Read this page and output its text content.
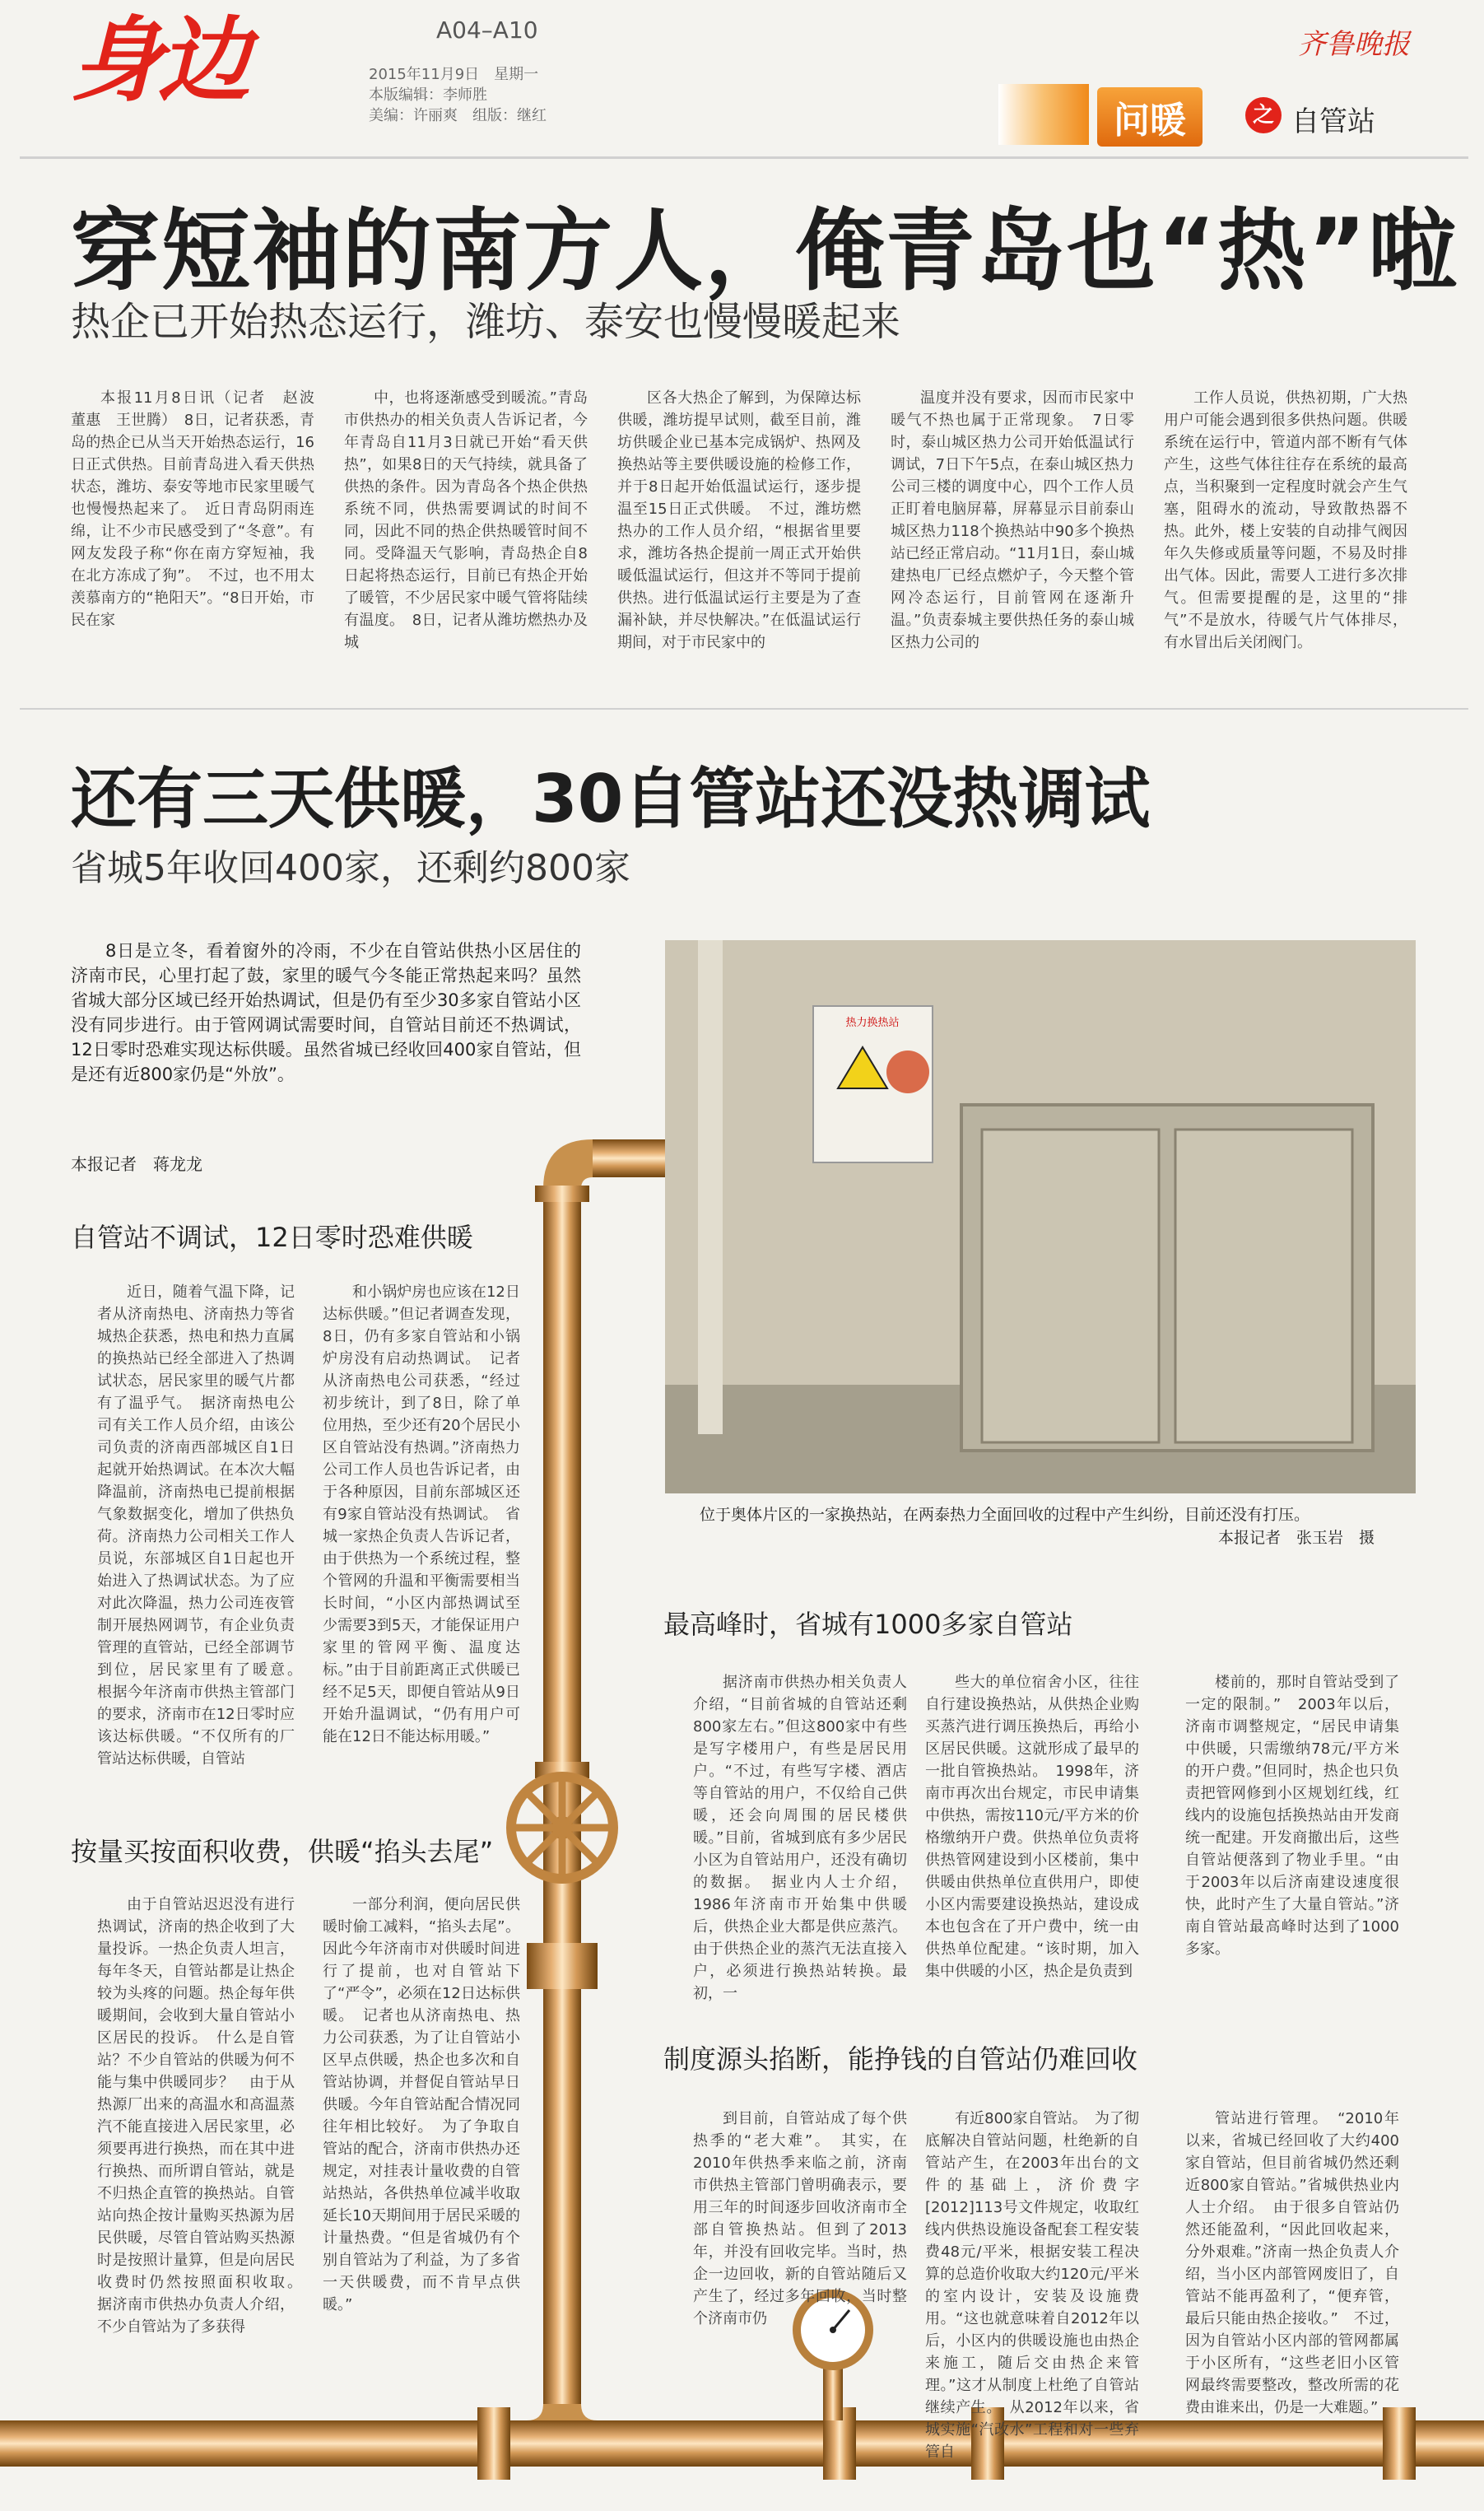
身边	A04–A10
2015年11月9日　星期一
本版编辑：李师胜
美编：许丽爽　组版：继红
齐鲁晚报
问暖	之 自管站
穿短袖的南方人，俺青岛也“热”啦
热企已开始热态运行，潍坊、泰安也慢慢暖起来

本报11月8日讯（记者　赵波　董惠　王世腾）　8日，记者获悉，青岛的热企已从当天开始热态运行，16日正式供热。目前青岛进入看天供热状态，潍坊、泰安等地市民家里暖气也慢慢热起来了。　近日青岛阴雨连绵，让不少市民感受到了“冬意”。有网友发段子称“你在南方穿短袖，我在北方冻成了狗”。　不过，也不用太羡慕南方的“艳阳天”。“8日开始，市民在家

中，也将逐渐感受到暖流。”青岛市供热办的相关负责人告诉记者，今年青岛自11月3日就已开始“看天供热”，如果8日的天气持续，就具备了供热的条件。因为青岛各个热企供热系统不同，供热需要调试的时间不同，因此不同的热企供热暖管时间不同。受降温天气影响，青岛热企自8日起将热态运行，目前已有热企开始了暖管，不少居民家中暖气管将陆续有温度。　8日，记者从潍坊燃热办及城

区各大热企了解到，为保障达标供暖，潍坊提早试则，截至目前，潍坊供暖企业已基本完成锅炉、热网及换热站等主要供暖设施的检修工作，并于8日起开始低温试运行，逐步提温至15日正式供暖。　不过，潍坊燃热办的工作人员介绍，“根据省里要求，潍坊各热企提前一周正式开始供暖低温试运行，但这并不等同于提前供热。进行低温试运行主要是为了查漏补缺，并尽快解决。”在低温试运行期间，对于市民家中的

温度并没有要求，因而市民家中暖气不热也属于正常现象。　7日零时，泰山城区热力公司开始低温试行调试，7日下午5点，在泰山城区热力公司三楼的调度中心，四个工作人员正盯着电脑屏幕，屏幕显示目前泰山城区热力118个换热站中90多个换热站已经正常启动。“11月1日，泰山城建热电厂已经点燃炉子，今天整个管网冷态运行，目前管网在逐渐升温。”负责泰城主要供热任务的泰山城区热力公司的

工作人员说，供热初期，广大热用户可能会遇到很多供热问题。供暖系统在运行中，管道内部不断有气体产生，这些气体往往存在系统的最高点，当积聚到一定程度时就会产生气塞，阻碍水的流动，导致散热器不热。此外，楼上安装的自动排气阀因年久失修或质量等问题，不易及时排出气体。因此，需要人工进行多次排气。但需要提醒的是，这里的“排气”不是放水，待暖气片气体排尽，有水冒出后关闭阀门。

还有三天供暖，30自管站还没热调试
省城5年收回400家，还剩约800家

8日是立冬，看着窗外的冷雨，不少在自管站供热小区居住的济南市民，心里打起了鼓，家里的暖气今冬能正常热起来吗？虽然省城大部分区域已经开始热调试，但是仍有至少30多家自管站小区没有同步进行。由于管网调试需要时间，自管站目前还不热调试，12日零时恐难实现达标供暖。虽然省城已经收回400家自管站，但是还有近800家仍是“外放”。

本报记者　蒋龙龙
自管站不调试，12日零时恐难供暖

近日，随着气温下降，记者从济南热电、济南热力等省城热企获悉，热电和热力直属的换热站已经全部进入了热调试状态，居民家里的暖气片都有了温乎气。　据济南热电公司有关工作人员介绍，由该公司负责的济南西部城区自1日起就开始热调试。在本次大幅降温前，济南热电已提前根据气象数据变化，增加了供热负荷。济南热力公司相关工作人员说，东部城区自1日起也开始进入了热调试状态。为了应对此次降温，热力公司连夜管制开展热网调节，有企业负责管理的直管站，已经全部调节到位，居民家里有了暖意。　根据今年济南市供热主管部门的要求，济南市在12日零时应该达标供暖。“不仅所有的厂管站达标供暖，自管站

和小锅炉房也应该在12日达标供暖。”但记者调查发现，8日，仍有多家自管站和小锅炉房没有启动热调试。　记者从济南热电公司获悉，“经过初步统计，到了8日，除了单位用热，至少还有20个居民小区自管站没有热调。”济南热力公司工作人员也告诉记者，由于各种原因，目前东部城区还有9家自管站没有热调试。　省城一家热企负责人告诉记者，由于供热为一个系统过程，整个管网的升温和平衡需要相当长时间，“小区内部热调试至少需要3到5天，才能保证用户家里的管网平衡、温度达标。”由于目前距离正式供暖已经不足5天，即便自管站从9日开始升温调试，“仍有用户可能在12日不能达标用暖。”

按量买按面积收费，供暖“掐头去尾”

由于自管站迟迟没有进行热调试，济南的热企收到了大量投诉。一热企负责人坦言，每年冬天，自管站都是让热企较为头疼的问题。热企每年供暖期间，会收到大量自管站小区居民的投诉。　什么是自管站？不少自管站的供暖为何不能与集中供暖同步？　由于从热源厂出来的高温水和高温蒸汽不能直接进入居民家里，必须要再进行换热，而在其中进行换热、而所谓自管站，就是不归热企直管的换热站。自管站向热企按计量购买热源为居民供暖，尽管自管站购买热源时是按照计量算，但是向居民收费时仍然按照面积收取。　据济南市供热办负责人介绍，不少自管站为了多获得

一部分利润，便向居民供暖时偷工减料，“掐头去尾”。因此今年济南市对供暖时间进行了提前，也对自管站下了“严令”，必须在12日达标供暖。　记者也从济南热电、热力公司获悉，为了让自管站小区早点供暖，热企也多次和自管站协调，并督促自管站早日供暖。今年自管站配合情况同往年相比较好。　为了争取自管站的配合，济南市供热办还规定，对挂表计量收费的自管站热站，各供热单位减半收取延长10天期间用于居民采暖的计量热费。“但是省城仍有个别自管站为了利益，为了多省一天供暖费，而不肯早点供暖。”

热力换热站
位于奥体片区的一家换热站，在两泰热力全面回收的过程中产生纠纷，目前还没有打压。
本报记者　张玉岩　摄
最高峰时，省城有1000多家自管站

据济南市供热办相关负责人介绍，“目前省城的自管站还剩800家左右。”但这800家中有些是写字楼用户，有些是居民用户。“不过，有些写字楼、酒店等自管站的用户，不仅给自己供暖，还会向周围的居民楼供暖。”目前，省城到底有多少居民小区为自管站用户，还没有确切的数据。　据业内人士介绍，1986年济南市开始集中供暖后，供热企业大都是供应蒸汽。由于供热企业的蒸汽无法直接入户，必须进行换热站转换。最初，一

些大的单位宿舍小区，往往自行建设换热站，从供热企业购买蒸汽进行调压换热后，再给小区居民供暖。这就形成了最早的一批自管换热站。　1998年，济南市再次出台规定，市民申请集中供热，需按110元/平方米的价格缴纳开户费。供热单位负责将供热管网建设到小区楼前，集中供暖由供热单位直供用户，即使小区内需要建设换热站，建设成本也包含在了开户费中，统一由供热单位配建。“该时期，加入集中供暖的小区，热企是负责到

楼前的，那时自管站受到了一定的限制。”　2003年以后，济南市调整规定，“居民申请集中供暖，只需缴纳78元/平方米的开户费。”但同时，热企也只负责把管网修到小区规划红线，红线内的设施包括换热站由开发商统一配建。开发商撤出后，这些自管站便落到了物业手里。“由于2003年以后济南建设速度很快，此时产生了大量自管站。”济南自管站最高峰时达到了1000多家。

制度源头掐断，能挣钱的自管站仍难回收

到目前，自管站成了每个供热季的“老大难”。　其实，在2010年供热季来临之前，济南市供热主管部门曾明确表示，要用三年的时间逐步回收济南市全部自管换热站。但到了2013年，并没有回收完毕。当时，热企一边回收，新的自管站随后又产生了，经过多年回收，当时整个济南市仍

有近800家自管站。　为了彻底解决自管站问题，杜绝新的自管站产生，在2003年出台的文件的基础上，济价费字[2012]113号文件规定，收取红线内供热设施设备配套工程安装费48元/平米，根据安装工程决算的总造价收取大约120元/平米的室内设计，安装及设施费用。“这也就意味着自2012年以后，小区内的供暖设施也由热企来施工，随后交由热企来管理。”这才从制度上杜绝了自管站继续产生。　从2012年以来，省城实施“汽改水”工程和对一些弃管自

管站进行管理。　“2010年以来，省城已经回收了大约400家自管站，但目前省城仍然还剩近800家自管站。”省城供热业内人士介绍。　由于很多自管站仍然还能盈利，“因此回收起来，分外艰难。”济南一热企负责人介绍，当小区内部管网废旧了，自管站不能再盈利了，“便弃管，最后只能由热企接收。”　不过，因为自管站小区内部的管网都属于小区所有，“这些老旧小区管网最终需要整改，整改所需的花费由谁来出，仍是一大难题。”
